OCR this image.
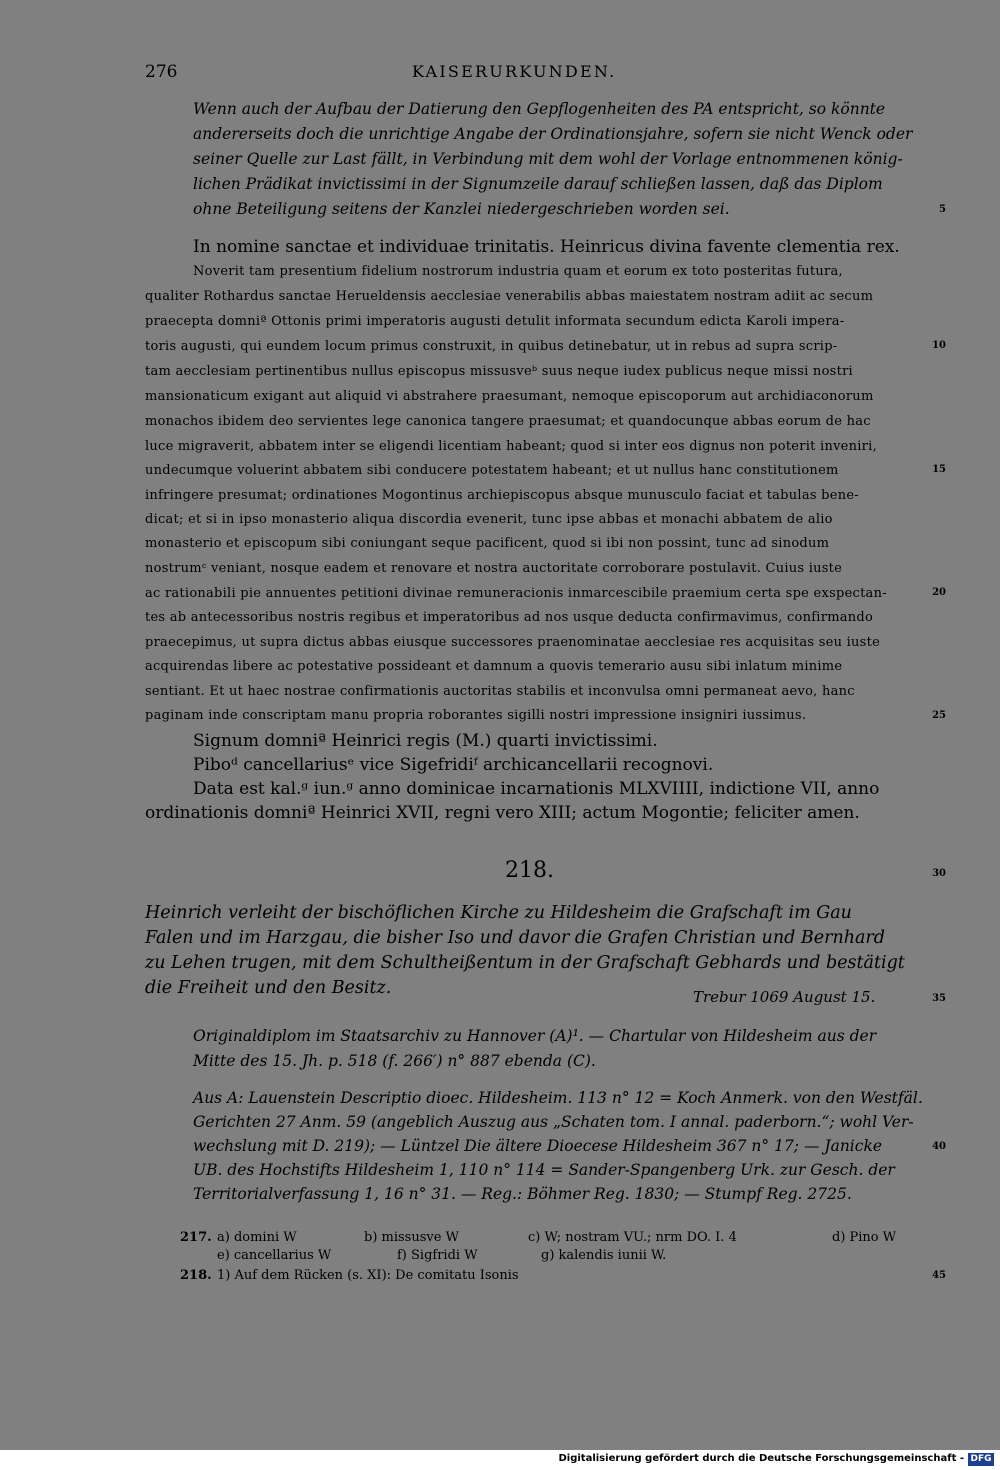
276	KAISERURKUNDEN.
Wenn auch der Aufbau der Datierung den Gepflogenheiten des PA entspricht, so könnte
andererseits doch die unrichtige Angabe der Ordinationsjahre, sofern sie nicht Wenck oder
seiner Quelle zur Last fällt, in Verbindung mit dem wohl der Vorlage entnommenen könig-
lichen Prädikat invictissimi in der Signumzeile darauf schließen lassen, daß das Diplom
ohne Beteiligung seitens der Kanzlei niedergeschrieben worden sei.
In nomine sanctae et individuae trinitatis. Heinricus divina favente clementia rex.
Noverit tam presentium fidelium nostrorum industria quam et eorum ex toto posteritas futura,
qualiter Rothardus sanctae Herueldensis aecclesiae venerabilis abbas maiestatem nostram adiit ac secum
praecepta domniª Ottonis primi imperatoris augusti detulit informata secundum edicta Karoli impera-
toris augusti, qui eundem locum primus construxit, in quibus detinebatur, ut in rebus ad supra scrip-
tam aecclesiam pertinentibus nullus episcopus missusveᵇ suus neque iudex publicus neque missi nostri
mansionaticum exigant aut aliquid vi abstrahere praesumant, nemoque episcoporum aut archidiaconorum
monachos ibidem deo servientes lege canonica tangere praesumat; et quandocunque abbas eorum de hac
luce migraverit, abbatem inter se eligendi licentiam habeant; quod si inter eos dignus non poterit inveniri,
undecumque voluerint abbatem sibi conducere potestatem habeant; et ut nullus hanc constitutionem
infringere presumat; ordinationes Mogontinus archiepiscopus absque munusculo faciat et tabulas bene-
dicat; et si in ipso monasterio aliqua discordia evenerit, tunc ipse abbas et monachi abbatem de alio
monasterio et episcopum sibi coniungant seque pacificent, quod si ibi non possint, tunc ad sinodum
nostrumᶜ veniant, nosque eadem et renovare et nostra auctoritate corroborare postulavit. Cuius iuste
ac rationabili pie annuentes petitioni divinae remuneracionis inmarcescibile praemium certa spe exspectan-
tes ab antecessoribus nostris regibus et imperatoribus ad nos usque deducta confirmavimus, confirmando
praecepimus, ut supra dictus abbas eiusque successores praenominatae aecclesiae res acquisitas seu iuste
acquirendas libere ac potestative possideant et damnum a quovis temerario ausu sibi inlatum minime
sentiant. Et ut haec nostrae confirmationis auctoritas stabilis et inconvulsa omni permaneat aevo, hanc
paginam inde conscriptam manu propria roborantes sigilli nostri impressione insigniri iussimus.
Signum domniª Heinrici regis (M.) quarti invictissimi.
Piboᵈ cancellariusᵉ vice Sigefridiᶠ archicancellarii recognovi.
Data est kal.ᵍ iun.ᵍ anno dominicae incarnationis MLXVIIII, indictione VII, anno
ordinationis domniª Heinrici XVII, regni vero XIII; actum Mogontie; feliciter amen.
218.
Heinrich verleiht der bischöflichen Kirche zu Hildesheim die Grafschaft im Gau
Falen und im Harzgau, die bisher Iso und davor die Grafen Christian und Bernhard
zu Lehen trugen, mit dem Schultheißentum in der Grafschaft Gebhards und bestätigt
die Freiheit und den Besitz.	Trebur 1069 August 15.
Originaldiplom im Staatsarchiv zu Hannover (A)¹. — Chartular von Hildesheim aus der
Mitte des 15. Jh. p. 518 (f. 266′) n° 887 ebenda (C).
Aus A: Lauenstein Descriptio dioec. Hildesheim. 113 n° 12 = Koch Anmerk. von den Westfäl.
Gerichten 27 Anm. 59 (angeblich Auszug aus „Schaten tom. I annal. paderborn.“; wohl Ver-
wechslung mit D. 219); — Lüntzel Die ältere Dioecese Hildesheim 367 n° 17; — Janicke
UB. des Hochstifts Hildesheim 1, 110 n° 114 = Sander-Spangenberg Urk. zur Gesch. der
Territorialverfassung 1, 16 n° 31. — Reg.: Böhmer Reg. 1830; — Stumpf Reg. 2725.
217. a) domini W	b) missusve W	c) W; nostram VU.; nrm DO. I. 4	d) Pino W
e) cancellarius W	f) Sigfridi W	g) kalendis iunii W.
218. 1) Auf dem Rücken (s. XI): De comitatu Isonis
5
10
15
20
25
30
35
40
45
Digitalisierung gefördert durch die Deutsche Forschungsgemeinschaft - DFG
